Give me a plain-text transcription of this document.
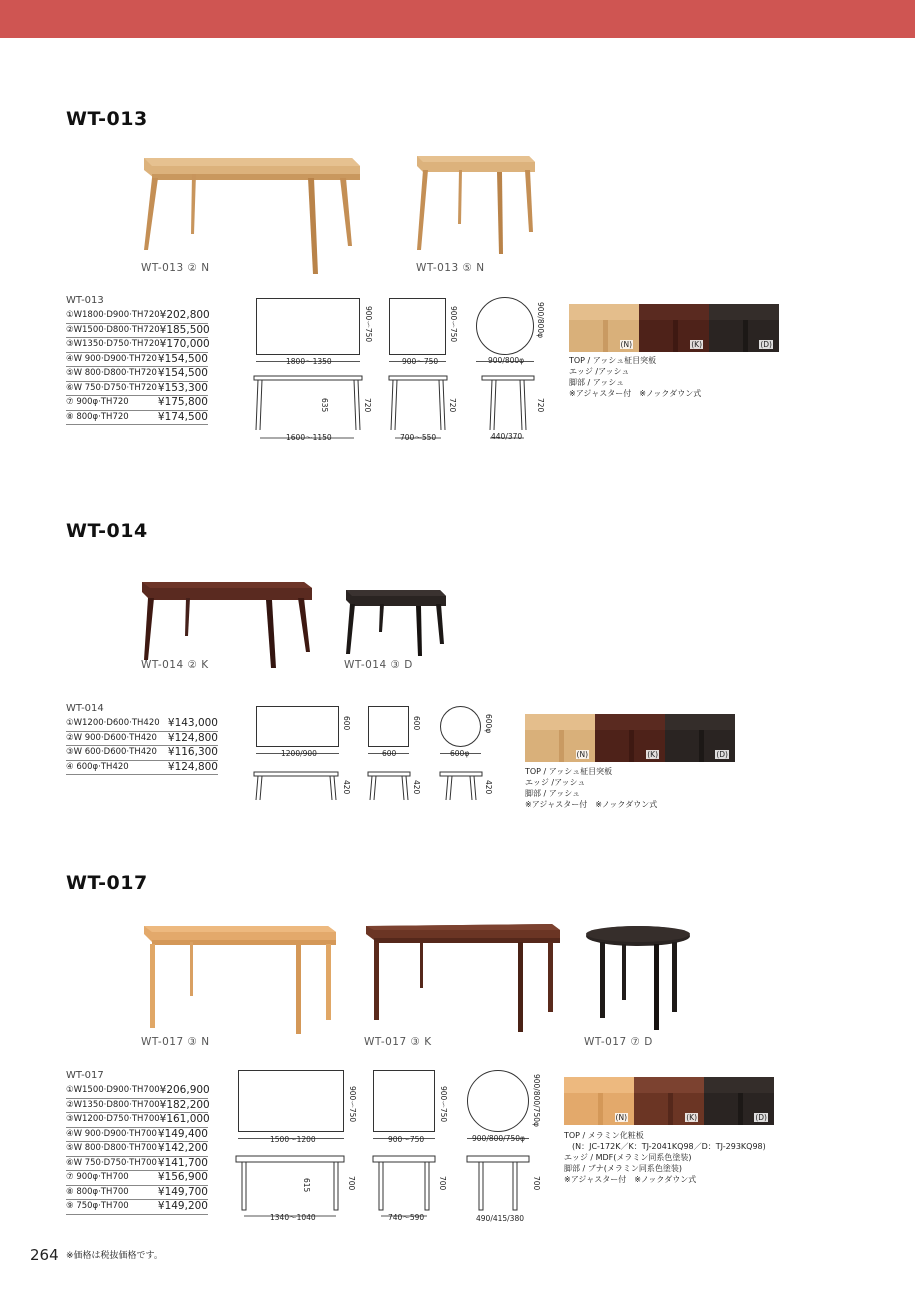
WT-013
WT-013 ② N	WT-013 ⑤ N
WT-013
①W1800·D900·TH720 ¥202,800
②W1500·D800·TH720 ¥185,500
③W1350·D750·TH720 ¥170,000
④W 900·D900·TH720 ¥154,500
⑤W 800·D800·TH720 ¥154,500
⑥W 750·D750·TH720 ¥153,300
⑦ 900φ·TH720	¥175,800
⑧ 800φ·TH720	¥174,500
900〜750
1800〜1350
900〜750
900〜750
900/800φ
900/800φ
635	720
1600〜1150
720
700〜550
720
440/370
(N)	(K)	(D)
TOP / アッシュ柾目突板
エッジ /アッシュ
脚部 / アッシュ
※アジャスター付　※ノックダウン式
WT-014
WT-014 ② K	WT-014 ③ D
WT-014
①W1200·D600·TH420 ¥143,000
②W 900·D600·TH420 ¥124,800
③W 600·D600·TH420 ¥116,300
④ 600φ·TH420	¥124,800
600
1200/900
600
600
600φ
600φ
420	420	420
(N)	(K)	(D)
TOP / アッシュ柾目突板
エッジ /アッシュ
脚部 / アッシュ
※アジャスター付　※ノックダウン式
WT-017
WT-017 ③ N	WT-017 ③ K	WT-017 ⑦ D
WT-017
①W1500·D900·TH700 ¥206,900
②W1350·D800·TH700 ¥182,200
③W1200·D750·TH700 ¥161,000
④W 900·D900·TH700 ¥149,400
⑤W 800·D800·TH700 ¥142,200
⑥W 750·D750·TH700 ¥141,700
⑦ 900φ·TH700	¥156,900
⑧ 800φ·TH700	¥149,700
⑨ 750φ·TH700	¥149,200
900〜750
1500〜1200
900〜750
900〜750
900/800/750φ
900/800/750φ
615	700
1340〜1040
700
740〜590
700
490/415/380
(N)	(K)	(D)
TOP / メラミン化粧板
　(N：JC-172K／K：TJ-2041KQ98／D：TJ-293KQ98)
エッジ / MDF(メラミン同系色塗装)
脚部 / ブナ(メラミン同系色塗装)
※アジャスター付　※ノックダウン式
264 ※価格は税抜価格です。
